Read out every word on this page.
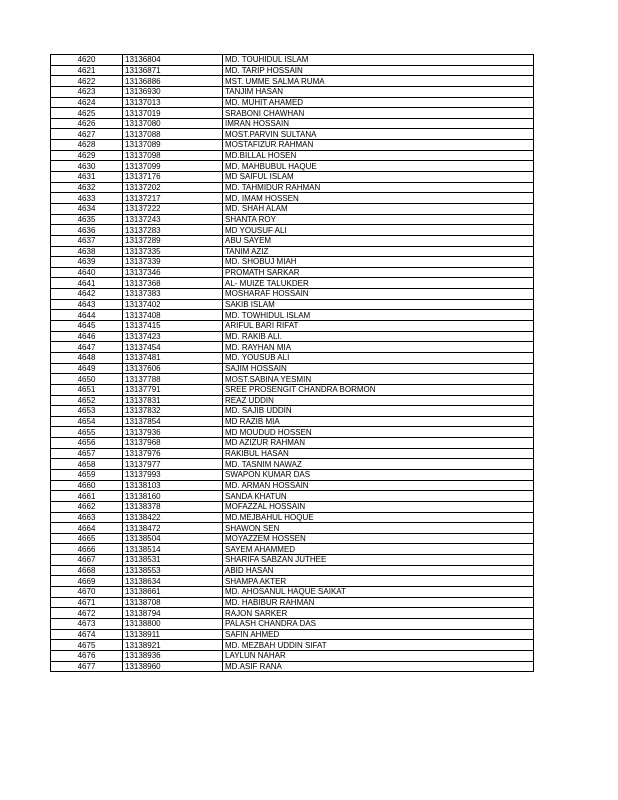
4620	13136804	MD. TOUHIDUL ISLAM
4621	13136871	MD. TARIP HOSSAIN
4622	13136886	MST. UMME SALMA RUMA
4623	13136930	TANJIM HASAN
4624	13137013	MD. MUHIT AHAMED
4625	13137019	SRABONI CHAWHAN
4626	13137080	IMRAN HOSSAIN
4627	13137088	MOST.PARVIN SULTANA
4628	13137089	MOSTAFIZUR RAHMAN
4629	13137098	MD.BILLAL HOSEN
4630	13137099	MD. MAHBUBUL HAQUE
4631	13137176	MD SAIFUL ISLAM
4632	13137202	MD. TAHMIDUR RAHMAN
4633	13137217	MD. IMAM HOSSEN
4634	13137222	MD. SHAH ALAM
4635	13137243	SHANTA ROY
4636	13137283	MD YOUSUF ALI
4637	13137289	ABU SAYEM
4638	13137335	TANIM AZIZ
4639	13137339	MD. SHOBUJ MIAH
4640	13137346	PROMATH SARKAR
4641	13137368	AL- MUIZE TALUKDER
4642	13137383	MOSHARAF HOSSAIN
4643	13137402	SAKIB ISLAM
4644	13137408	MD. TOWHIDUL ISLAM
4645	13137415	ARIFUL BARI RIFAT
4646	13137423	MD. RAKIB ALI.
4647	13137454	MD. RAYHAN MIA
4648	13137481	MD. YOUSUB ALI
4649	13137606	SAJIM HOSSAIN
4650	13137788	MOST.SABINA YESMIN
4651	13137791	SREE PROSENGIT CHANDRA BORMON
4652	13137831	REAZ UDDIN
4653	13137832	MD. SAJIB UDDIN
4654	13137854	MD RAZIB MIA
4655	13137936	MD MOUDUD HOSSEN
4656	13137968	MD AZIZUR RAHMAN
4657	13137976	RAKIBUL HASAN
4658	13137977	MD. TASNIM NAWAZ
4659	13137993	SWAPON KUMAR DAS
4660	13138103	MD. ARMAN HOSSAIN
4661	13138160	SANDA KHATUN
4662	13138378	MOFAZZAL HOSSAIN
4663	13138422	MD.MEJBAHUL HOQUE
4664	13138472	SHAWON SEN
4665	13138504	MOYAZZEM HOSSEN
4666	13138514	SAYEM AHAMMED
4667	13138531	SHARIFA SABZAN JUTHEE
4668	13138553	ABID HASAN
4669	13138634	SHAMPA AKTER
4670	13138661	MD. AHOSANUL HAQUE SAIKAT
4671	13138708	MD. HABIBUR RAHMAN
4672	13138794	RAJON SARKER
4673	13138800	PALASH CHANDRA DAS
4674	13138911	SAFIN AHMED
4675	13138921	MD. MEZBAH UDDIN SIFAT
4676	13138936	LAYLUN NAHAR
4677	13138960	MD.ASIF RANA
